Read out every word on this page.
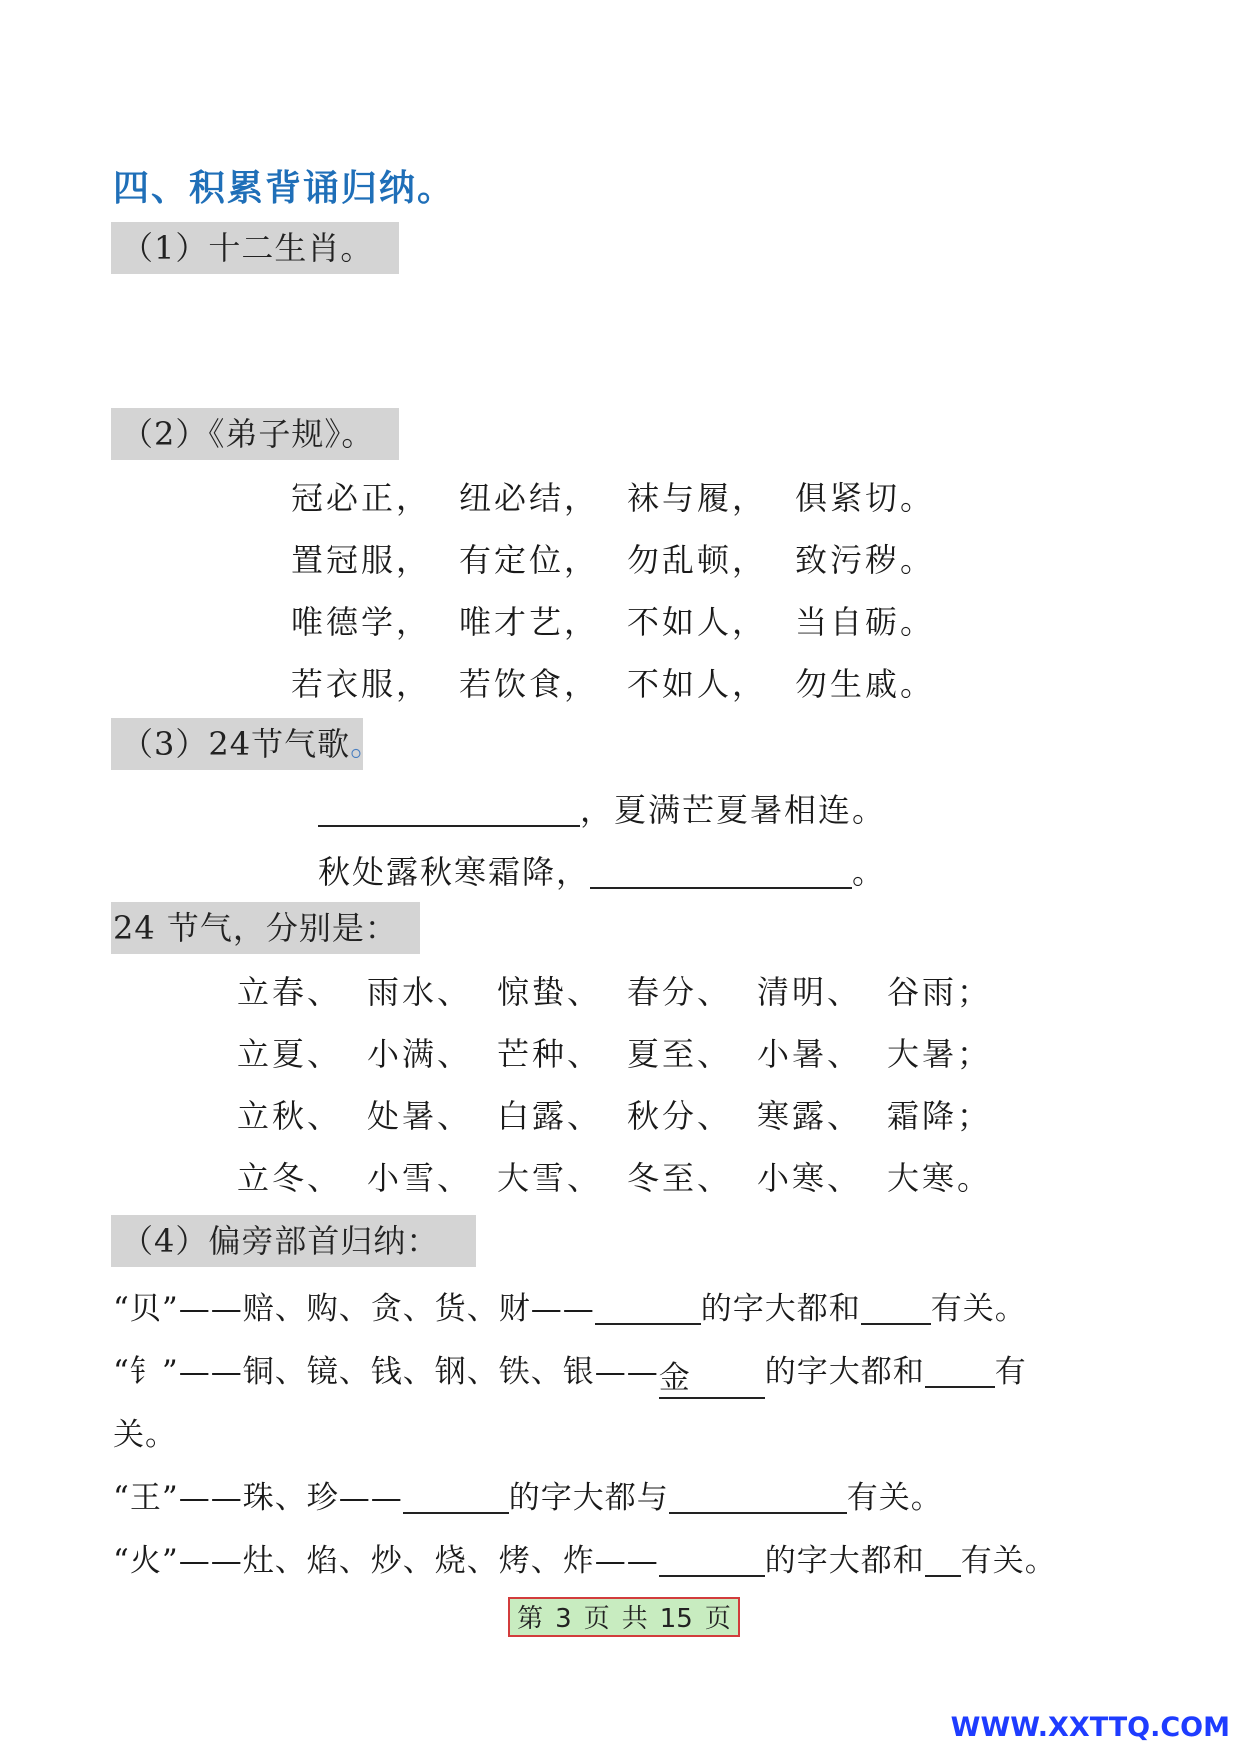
四、积累背诵归纳。
（1）十二生肖。
（2）《弟子规》。
冠必正， 纽必结， 袜与履， 俱紧切。
置冠服， 有定位， 勿乱顿， 致污秽。
唯德学， 唯才艺， 不如人， 当自砺。
若衣服， 若饮食， 不如人， 勿生戚。
（3）24节气歌。
，夏满芒夏暑相连。
秋处露秋寒霜降，	。
24 节气，分别是：
立春、 雨水、 惊蛰、 春分、 清明、 谷雨；
立夏、 小满、 芒种、 夏至、 小暑、 大暑；
立秋、 处暑、 白露、 秋分、 寒露、 霜降；
立冬、 小雪、 大雪、 冬至、 小寒、 大寒。
（4）偏旁部首归纳：
“贝”——赔、购、贪、货、财——	的字大都和 有关。
“钅”——铜、镜、钱、钢、铁、银——金 的字大都和 有
关。
“王”——珠、珍——	的字大都与	有关。
“火”——灶、焰、炒、烧、烤、炸——	的字大都和 有关。
第 3 页 共 15 页
WWW.XXTTQ.COM
